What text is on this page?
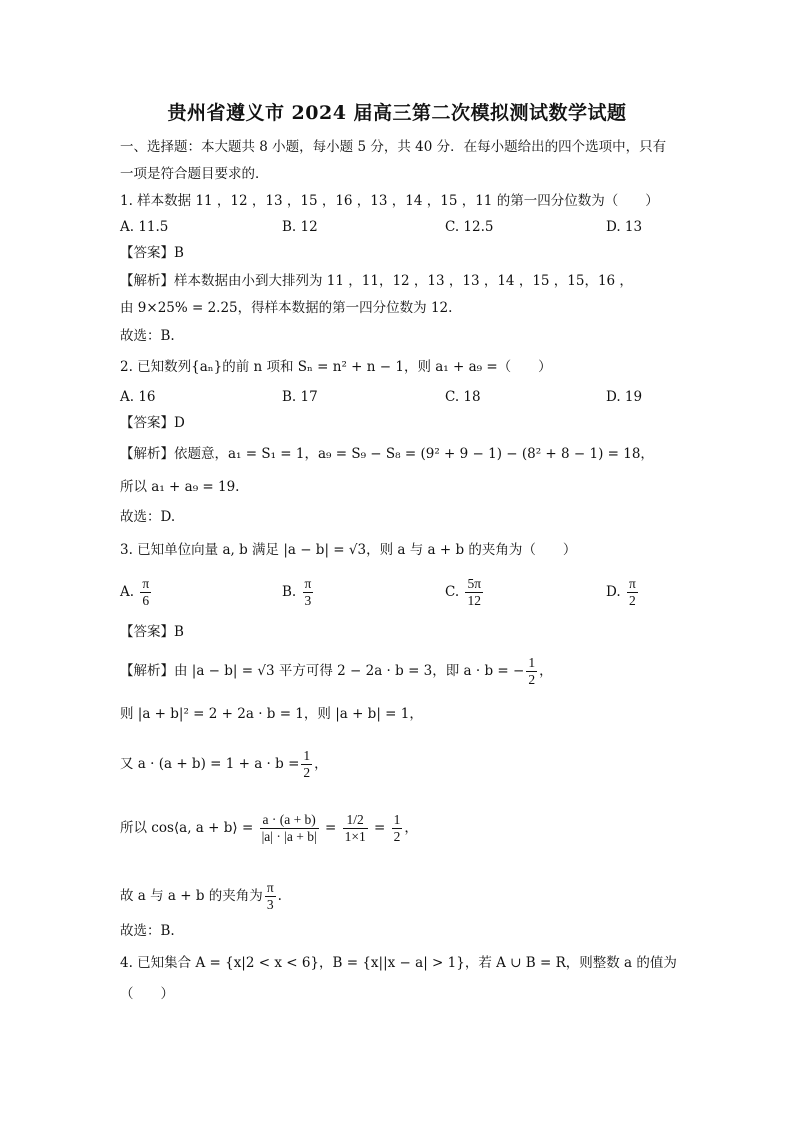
贵州省遵义市 2024 届高三第二次模拟测试数学试题
一、选择题：本大题共 8 小题，每小题 5 分，共 40 分．在每小题给出的四个选项中，只有
一项是符合题目要求的．
1. 样本数据 11 ，12 ，13 ，15 ，16 ，13 ，14 ，15 ，11 的第一四分位数为（　　）
A. 11.5	B. 12	C. 12.5	D. 13
【答案】B
【解析】样本数据由小到大排列为 11 ，11，12 ，13 ，13 ，14 ，15 ，15，16 ，
由 9×25% = 2.25，得样本数据的第一四分位数为 12.
故选：B.
2. 已知数列{aₙ}的前 n 项和 Sₙ = n² + n − 1，则 a₁ + a₉ =（　　）
A. 16	B. 17	C. 18	D. 19
【答案】D
【解析】依题意，a₁ = S₁ = 1，a₉ = S₉ − S₈ = (9² + 9 − 1) − (8² + 8 − 1) = 18，
所以 a₁ + a₉ = 19.
故选：D.
3. 已知单位向量 a, b 满足 |a − b| = √3，则 a 与 a + b 的夹角为（　　）
A. $\frac{\pi}{6}$	B. $\frac{\pi}{3}$	C. $\frac{5\pi}{12}$	D. $\frac{\pi}{2}$
【答案】B
【解析】由 |a − b| = √3 平方可得 2 − 2a · b = 3，即 a · b = − $\frac{1}{2}$ ，
则 |a + b|² = 2 + 2a · b = 1，则 |a + b| = 1，
又 $a \cdot (a + b) = 1 + a \cdot b = \frac{1}{2}$ ，
所以 cos⟨a, a + b⟩ = $\frac{a \cdot (a + b)}{|a| \cdot |a + b|} = \frac{1/2}{1\times 1} = \frac{1}{2}$ ，
故 a 与 a + b 的夹角为 $\frac{\pi}{3}$ .
故选：B.
4. 已知集合 A = {x|2 < x < 6}，B = {x||x − a| > 1}，若 A ∪ B = R，则整数 a 的值为
（　　）
